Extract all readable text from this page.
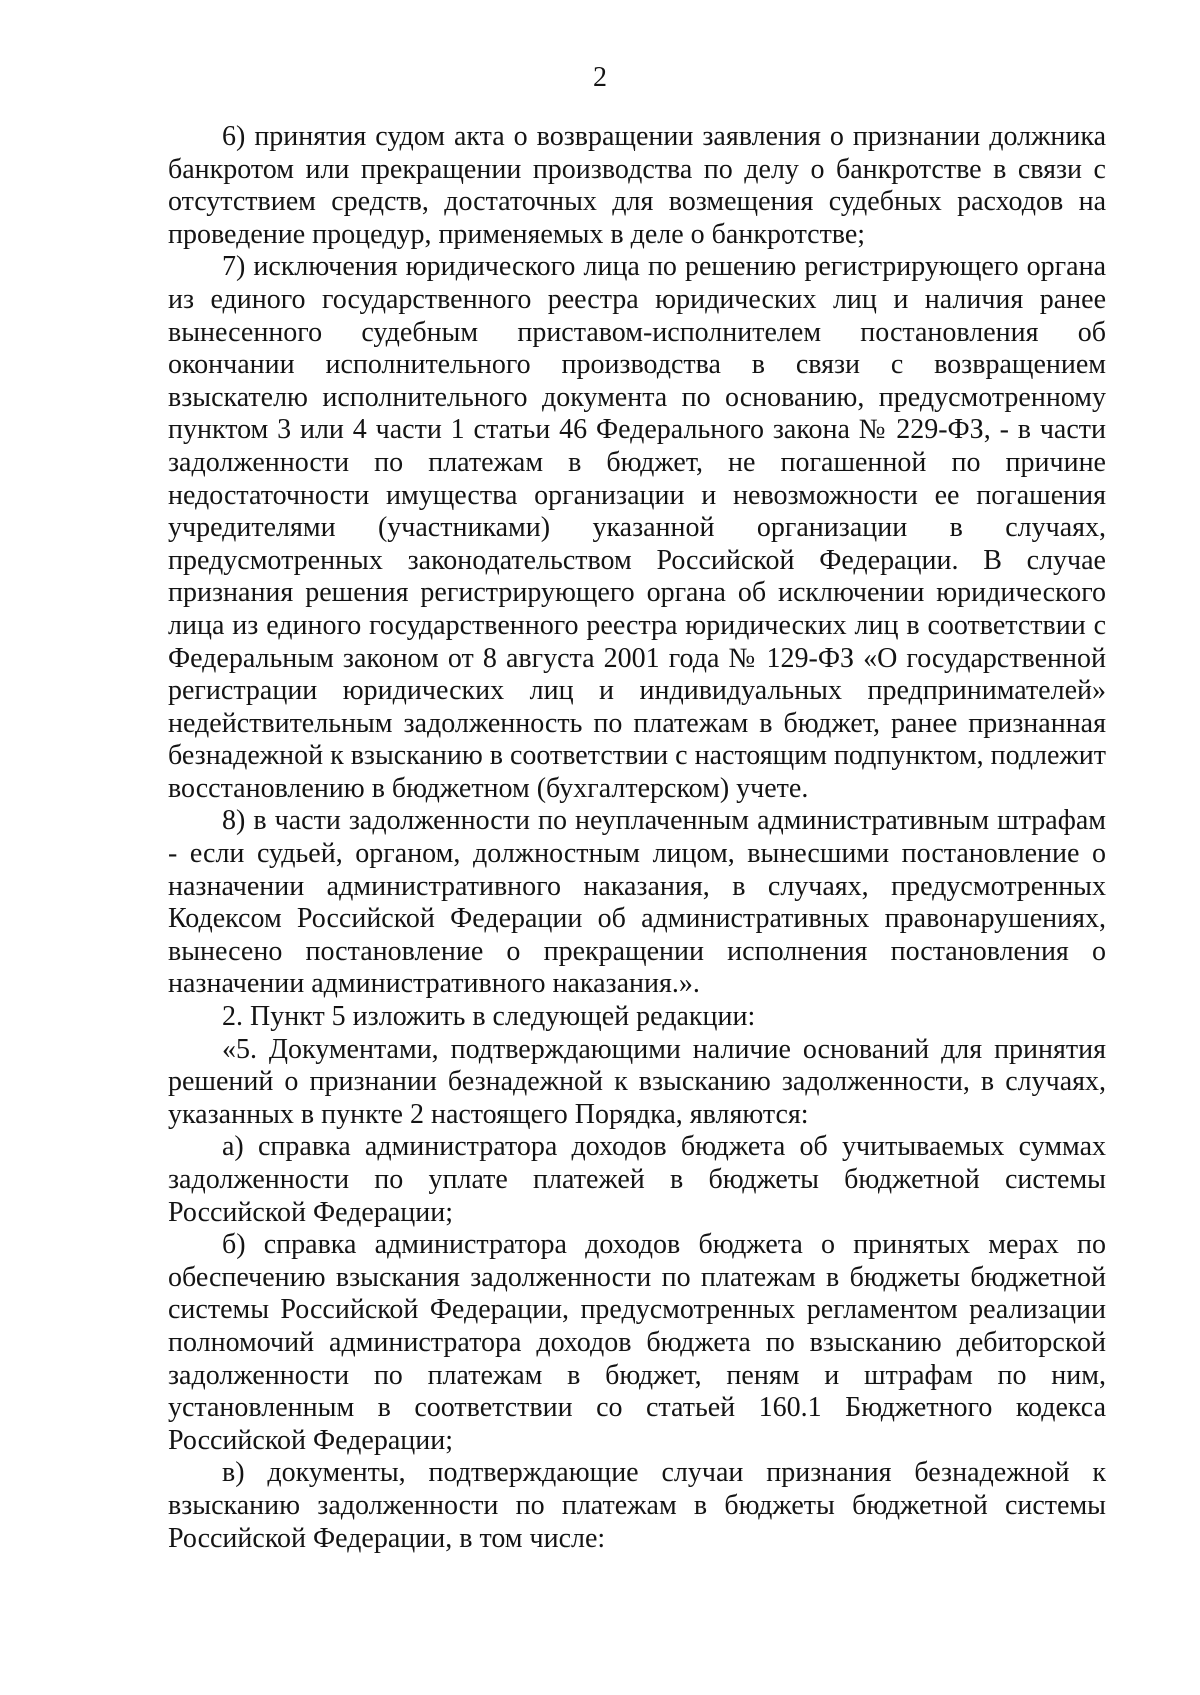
2

6) принятия судом акта о возвращении заявления о признании должника банкротом или прекращении производства по делу о банкротстве в связи с отсутствием средств, достаточных для возмещения судебных расходов на проведение процедур, применяемых в деле о банкротстве;

7) исключения юридического лица по решению регистрирующего органа из единого государственного реестра юридических лиц и наличия ранее вынесенного судебным приставом-исполнителем постановления об окончании исполнительного производства в связи с возвращением взыскателю исполнительного документа по основанию, предусмотренному пунктом 3 или 4 части 1 статьи 46 Федерального закона № 229-ФЗ, - в части задолженности по платежам в бюджет, не погашенной по причине недостаточности имущества организации и невозможности ее погашения учредителями (участниками) указанной организации в случаях, предусмотренных законодательством Российской Федерации. В случае признания решения регистрирующего органа об исключении юридического лица из единого государственного реестра юридических лиц в соответствии с Федеральным законом от 8 августа 2001 года № 129-ФЗ «О государственной регистрации юридических лиц и индивидуальных предпринимателей» недействительным задолженность по платежам в бюджет, ранее признанная безнадежной к взысканию в соответствии с настоящим подпунктом, подлежит восстановлению в бюджетном (бухгалтерском) учете.

8) в части задолженности по неуплаченным административным штрафам - если судьей, органом, должностным лицом, вынесшими постановление о назначении административного наказания, в случаях, предусмотренных Кодексом Российской Федерации об административных правонарушениях, вынесено постановление о прекращении исполнения постановления о назначении административного наказания.».

2. Пункт 5 изложить в следующей редакции:

«5. Документами, подтверждающими наличие оснований для принятия решений о признании безнадежной к взысканию задолженности, в случаях, указанных в пункте 2 настоящего Порядка, являются:

а) справка администратора доходов бюджета об учитываемых суммах задолженности по уплате платежей в бюджеты бюджетной системы Российской Федерации;

б) справка администратора доходов бюджета о принятых мерах по обеспечению взыскания задолженности по платежам в бюджеты бюджетной системы Российской Федерации, предусмотренных регламентом реализации полномочий администратора доходов бюджета по взысканию дебиторской задолженности по платежам в бюджет, пеням и штрафам по ним, установленным в соответствии со статьей 160.1 Бюджетного кодекса Российской Федерации;

в) документы, подтверждающие случаи признания безнадежной к взысканию задолженности по платежам в бюджеты бюджетной системы Российской Федерации, в том числе:
